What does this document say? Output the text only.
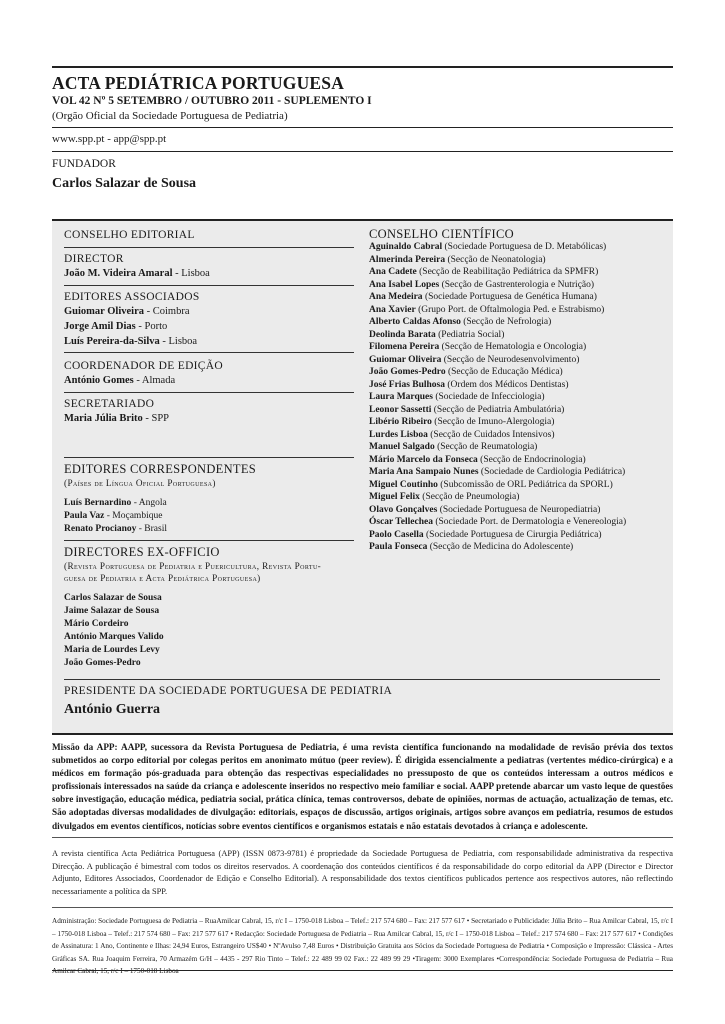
ACTA PEDIÁTRICA PORTUGUESA
VOL 42 Nº 5 SETEMBRO / OUTUBRO 2011 - SUPLEMENTO I
(Orgão Oficial da Sociedade Portuguesa de Pediatria)
www.spp.pt - app@spp.pt
FUNDADOR
Carlos Salazar de Sousa
CONSELHO EDITORIAL
DIRECTOR
João M. Videira Amaral - Lisboa
EDITORES ASSOCIADOS
Guiomar Oliveira - Coimbra
Jorge Amil Dias - Porto
Luís Pereira-da-Silva - Lisboa
COORDENADOR DE EDIÇÃO
António Gomes - Almada
SECRETARIADO
Maria Júlia Brito - SPP
EDITORES CORRESPONDENTES
(Países de Língua Oficial Portuguesa)
Luís Bernardino - Angola
Paula Vaz - Moçambique
Renato Procianoy - Brasil
DIRECTORES EX-OFFICIO
(Revista Portuguesa de Pediatria e Puericultura, Revista Portu-
guesa de Pediatria e Acta Pediátrica Portuguesa)
Carlos Salazar de Sousa
Jaime Salazar de Sousa
Mário Cordeiro
António Marques Valido
Maria de Lourdes Levy
João Gomes-Pedro
CONSELHO CIENTÍFICO
Aguinaldo Cabral (Sociedade Portuguesa de D. Metabólicas)
Almerinda Pereira (Secção de Neonatologia)
Ana Cadete (Secção de Reabilitação Pediátrica da SPMFR)
Ana Isabel Lopes (Secção de Gastrenterologia e Nutrição)
Ana Medeira (Sociedade Portuguesa de Genética Humana)
Ana Xavier (Grupo Port. de Oftalmologia Ped. e Estrabismo)
Alberto Caldas Afonso (Secção de Nefrologia)
Deolinda Barata (Pediatria Social)
Filomena Pereira (Secção de Hematologia e Oncologia)
Guiomar Oliveira (Secção de Neurodesenvolvimento)
João Gomes-Pedro (Secção de Educação Médica)
José Frias Bulhosa (Ordem dos Médicos Dentistas)
Laura Marques (Sociedade de Infecciologia)
Leonor Sassetti (Secção de Pediatria Ambulatória)
Libério Ribeiro (Secção de Imuno-Alergologia)
Lurdes Lisboa (Secção de Cuidados Intensivos)
Manuel Salgado (Secção de Reumatologia)
Mário Marcelo da Fonseca (Secção de Endocrinologia)
Maria Ana Sampaio Nunes (Sociedade de Cardiologia Pediátrica)
Miguel Coutinho (Subcomissão de ORL Pediátrica da SPORL)
Miguel Felix (Secção de Pneumologia)
Olavo Gonçalves (Sociedade Portuguesa de Neuropediatria)
Óscar Tellechea (Sociedade Port. de Dermatologia e Venereologia)
Paolo Casella (Sociedade Portuguesa de Cirurgia Pediátrica)
Paula Fonseca (Secção de Medicina do Adolescente)
PRESIDENTE DA SOCIEDADE PORTUGUESA DE PEDIATRIA
António Guerra
Missão da APP: AAPP, sucessora da Revista Portuguesa de Pediatria, é uma revista científica funcionando na modalidade de revisão prévia dos textos submetidos ao corpo editorial por colegas peritos em anonimato mútuo (peer review). É dirigida essencialmente a pediatras (vertentes médico-cirúrgica) e a médicos em formação pós-graduada para obtenção das respectivas especialidades no pressuposto de que os conteúdos interessam a outros médicos e profissionais interessados na saúde da criança e adolescente inseridos no respectivo meio familiar e social. AAPP pretende abarcar um vasto leque de questões sobre investigação, educação médica, pediatria social, prática clínica, temas controversos, debate de opiniões, normas de actuação, actualização de temas, etc. São adoptadas diversas modalidades de divulgação: editoriais, espaços de discussão, artigos originais, artigos sobre avanços em pediatria, resumos de estudos divulgados em eventos científicos, notícias sobre eventos científicos e organismos estatais e não estatais devotados à criança e adolescente.
A revista científica Acta Pediátrica Portuguesa (APP) (ISSN 0873-9781) é propriedade da Sociedade Portuguesa de Pediatria, com responsabilidade administrativa da respectiva Direcção. A publicação é bimestral com todos os direitos reservados. A coordenação dos conteúdos científicos é da responsabilidade do corpo editorial da APP (Director e Director Adjunto, Editores Associados, Coordenador de Edição e Conselho Editorial). A responsabilidade dos textos científicos publicados pertence aos respectivos autores, não reflectindo necessariamente a política da SPP.
Administração: Sociedade Portuguesa de Pediatria – RuaAmilcar Cabral, 15, r/c I – 1750-018 Lisboa – Telef.: 217 574 680 – Fax: 217 577 617 • Secretariado e Publicidade: Júlia Brito – Rua Amilcar Cabral, 15, r/c I – 1750-018 Lisboa – Telef.: 217 574 680 – Fax: 217 577 617 • Redacção: Sociedade Portuguesa de Pediatria – Rua Amilcar Cabral, 15, r/c I – 1750-018 Lisboa – Telef.: 217 574 680 – Fax: 217 577 617 • Condições de Assinatura: 1 Ano, Continente e Ilhas: 24,94 Euros, Estrangeiro US$40 • NºAvulso 7,48 Euros • Distribuição Gratuita aos Sócios da Sociedade Portuguesa de Pediatria • Composição e Impressão: Clássica - Artes Gráficas SA. Rua Joaquim Ferreira, 70 Armazém G/H – 4435 - 297 Rio Tinto – Telef.: 22 489 99 02 Fax.: 22 489 99 29 •Tiragem: 3000 Exemplares •Correspondência: Sociedade Portuguesa de Pediatria – Rua Amilcar Cabral, 15, r/c I – 1750-018 Lisboa
